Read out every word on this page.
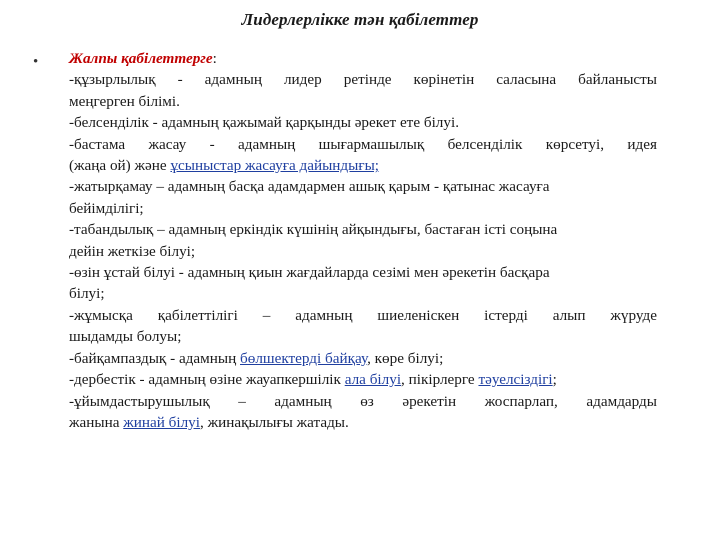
Лидерлерлікке тән қабілеттер
• Жалпы қабілеттерге:
-құзырлылық - адамның лидер ретінде көрінетін саласына байланысты
меңгерген білімі.
-белсенділік - адамның қажымай қарқынды әрекет ете білуі.
-бастама жасау - адамның шығармашылық белсенділік көрсетуі, идея
(жаңа ой) және ұсыныстар жасауға дайындығы;
-жатырқамау – адамның басқа адамдармен ашық қарым - қатынас жасауға
бейімділігі;
-табандылық – адамның еркіндік күшінің айқындығы, бастаған істі соңына
дейін жеткізе білуі;
-өзін ұстай білуі - адамның қиын жағдайларда сезімі мен әрекетін басқара
білуі;
-жұмысқа қабілеттілігі – адамның шиеленіскен істерді алып жүруде
шыдамды болуы;
-байқампаздық - адамның бөлшектерді байқау, көре білуі;
-дербестік - адамның өзіне жауапкершілік ала білуі, пікірлерге тәуелсіздігі;
-ұйымдастырушылық – адамның өз әрекетін жоспарлап, адамдарды
жанына жинай білуі, жинақылығы жатады.
